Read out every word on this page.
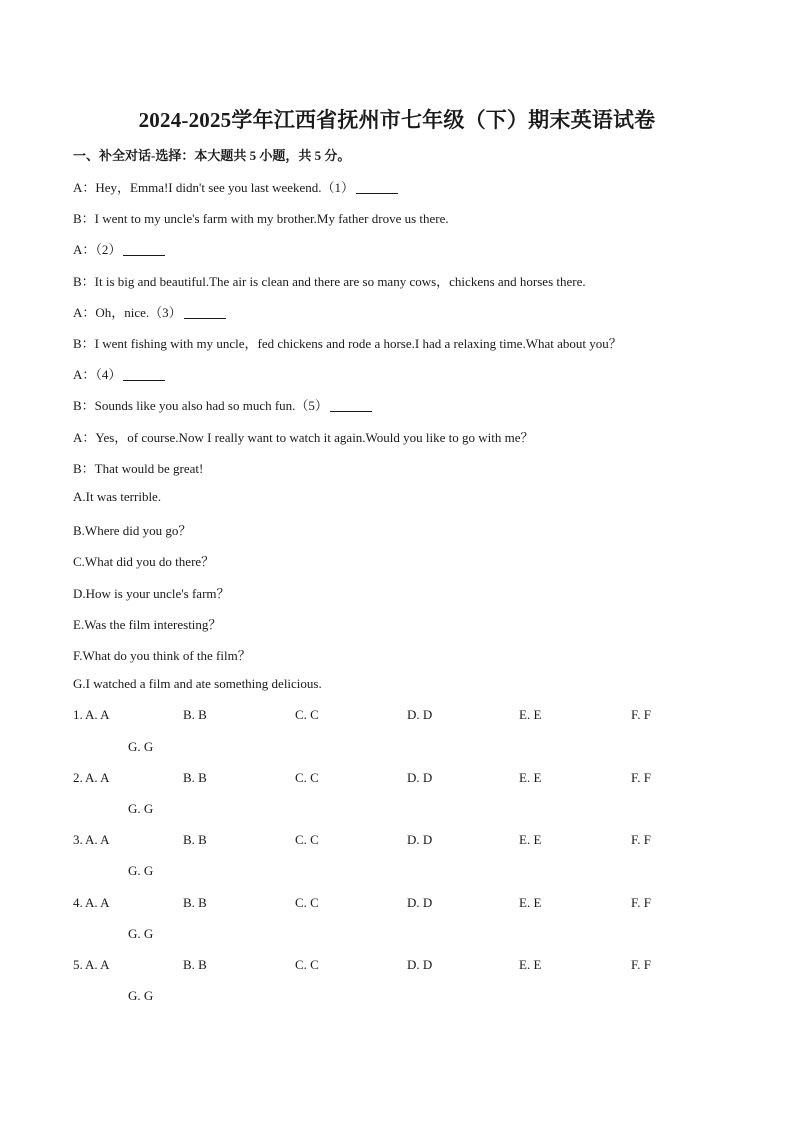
2024-2025学年江西省抚州市七年级（下）期末英语试卷
一、补全对话-选择：本大题共 5 小题，共 5 分。
A：Hey，Emma!I didn't see you last weekend.（1）
B：I went to my uncle's farm with my brother.My father drove us there.
A：（2）
B：It is big and beautiful.The air is clean and there are so many cows，chickens and horses there.
A：Oh，nice.（3）
B：I went fishing with my uncle，fed chickens and rode a horse.I had a relaxing time.What about you？
A：（4）
B：Sounds like you also had so much fun.（5）
A：Yes，of course.Now I really want to watch it again.Would you like to go with me？
B：That would be great!
A.It was terrible.
B.Where did you go？
C.What did you do there？
D.How is your uncle's farm？
E.Was the film interesting？
F.What do you think of the film？
G.I watched a film and ate something delicious.
G. G
1. A. A	B. B	C. C	D. D	E. E	F. F
G. G
2. A. A	B. B	C. C	D. D	E. E	F. F
G. G
3. A. A	B. B	C. C	D. D	E. E	F. F
G. G
4. A. A	B. B	C. C	D. D	E. E	F. F
G. G
5. A. A	B. B	C. C	D. D	E. E	F. F
